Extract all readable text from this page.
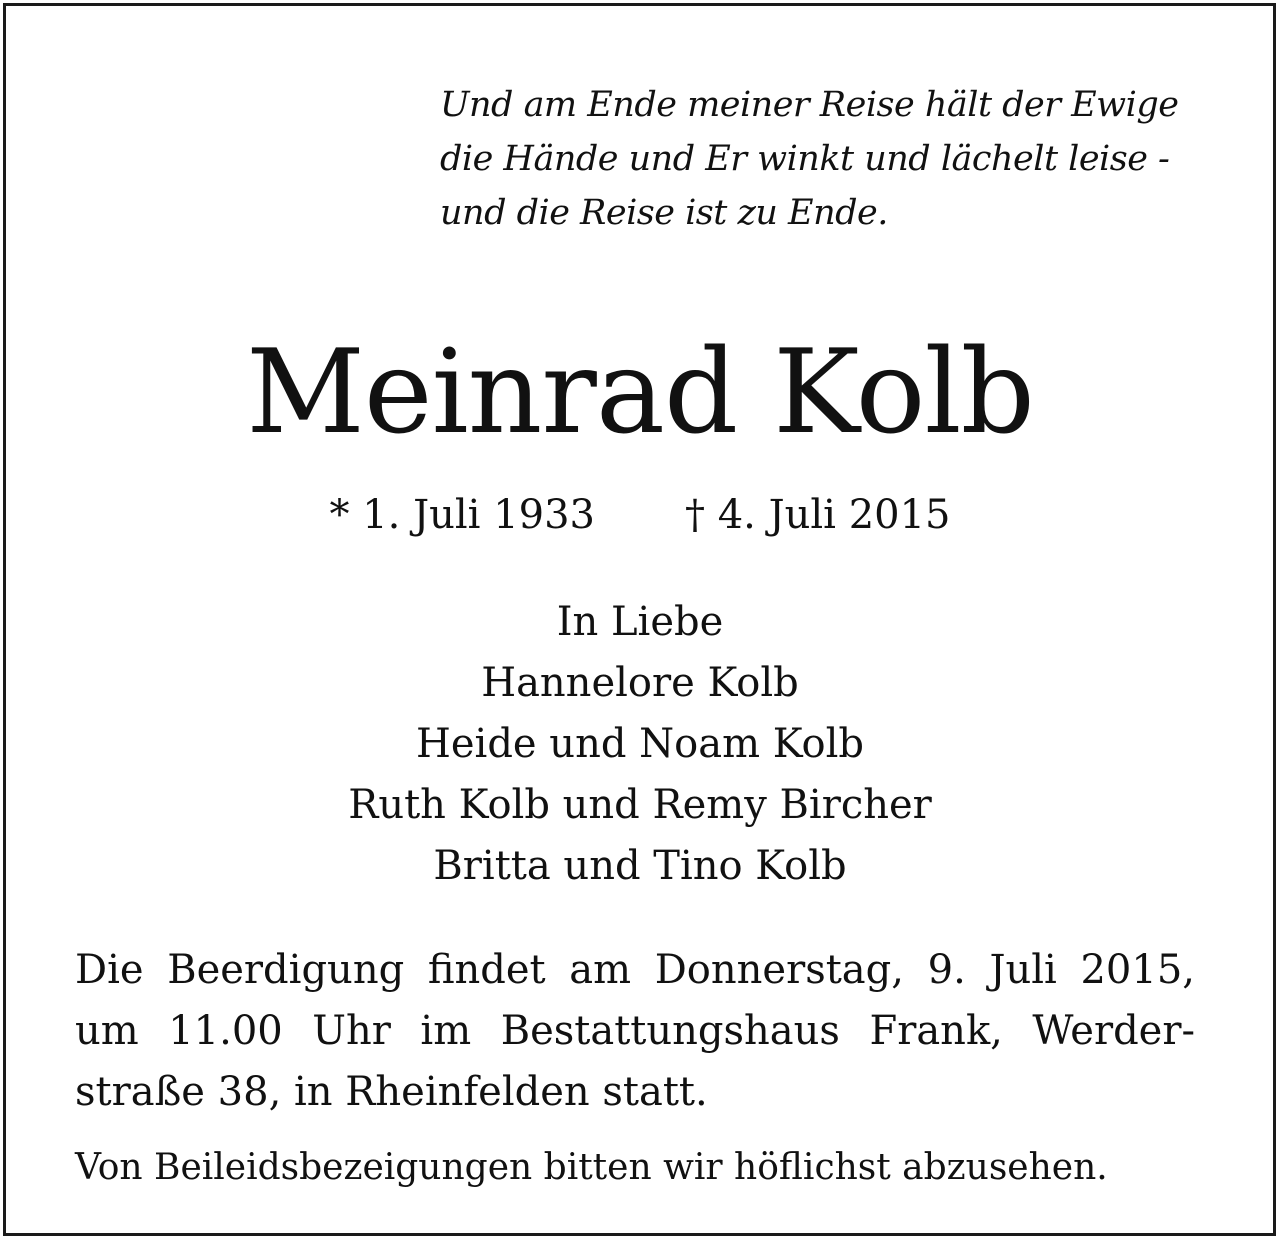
Und am Ende meiner Reise hält der Ewige
die Hände und Er winkt und lächelt leise -
und die Reise ist zu Ende.
Meinrad Kolb
* 1. Juli 1933 † 4. Juli 2015
In Liebe
Hannelore Kolb
Heide und Noam Kolb
Ruth Kolb und Remy Bircher
Britta und Tino Kolb
Die Beerdigung findet am Donnerstag, 9. Juli 2015,
um 11.00 Uhr im Bestattungshaus Frank, Werder-
straße 38, in Rheinfelden statt.
Von Beileidsbezeigungen bitten wir höflichst abzusehen.
